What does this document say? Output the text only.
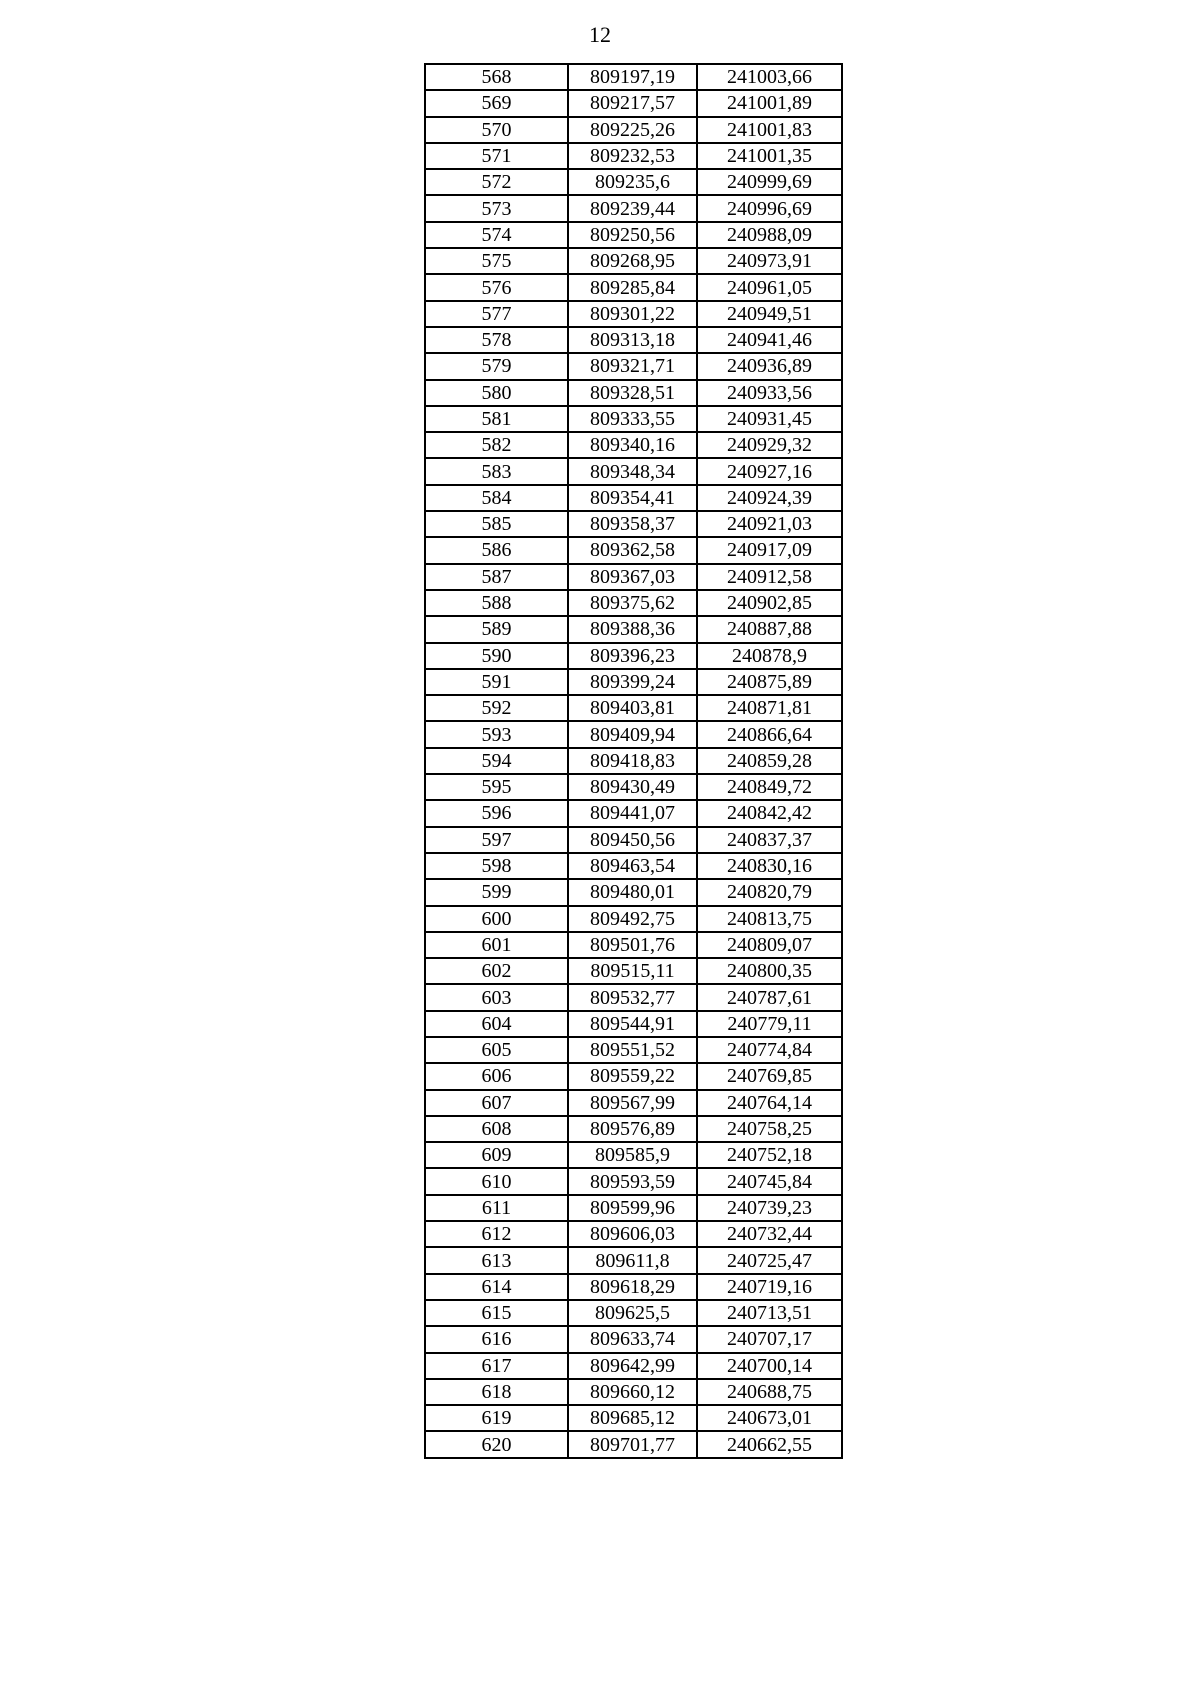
12
568	809197,19	241003,66
569	809217,57	241001,89
570	809225,26	241001,83
571	809232,53	241001,35
572	809235,6	240999,69
573	809239,44	240996,69
574	809250,56	240988,09
575	809268,95	240973,91
576	809285,84	240961,05
577	809301,22	240949,51
578	809313,18	240941,46
579	809321,71	240936,89
580	809328,51	240933,56
581	809333,55	240931,45
582	809340,16	240929,32
583	809348,34	240927,16
584	809354,41	240924,39
585	809358,37	240921,03
586	809362,58	240917,09
587	809367,03	240912,58
588	809375,62	240902,85
589	809388,36	240887,88
590	809396,23	240878,9
591	809399,24	240875,89
592	809403,81	240871,81
593	809409,94	240866,64
594	809418,83	240859,28
595	809430,49	240849,72
596	809441,07	240842,42
597	809450,56	240837,37
598	809463,54	240830,16
599	809480,01	240820,79
600	809492,75	240813,75
601	809501,76	240809,07
602	809515,11	240800,35
603	809532,77	240787,61
604	809544,91	240779,11
605	809551,52	240774,84
606	809559,22	240769,85
607	809567,99	240764,14
608	809576,89	240758,25
609	809585,9	240752,18
610	809593,59	240745,84
611	809599,96	240739,23
612	809606,03	240732,44
613	809611,8	240725,47
614	809618,29	240719,16
615	809625,5	240713,51
616	809633,74	240707,17
617	809642,99	240700,14
618	809660,12	240688,75
619	809685,12	240673,01
620	809701,77	240662,55
